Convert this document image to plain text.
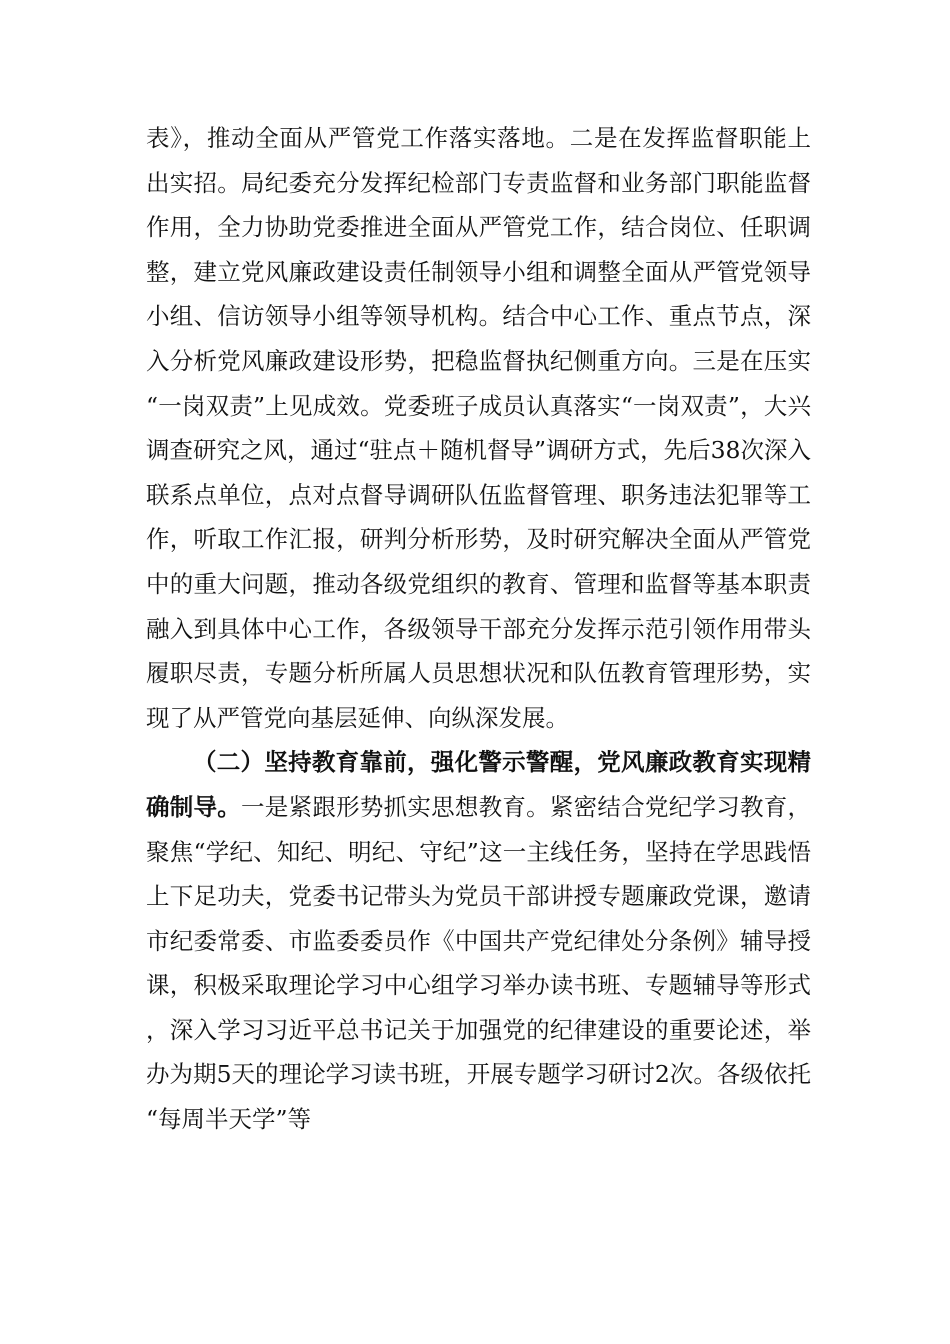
表》，推动全面从严管党工作落实落地。二是在发挥监督职能上出实招。局纪委充分发挥纪检部门专责监督和业务部门职能监督作用，全力协助党委推进全面从严管党工作，结合岗位、任职调整，建立党风廉政建设责任制领导小组和调整全面从严管党领导小组、信访领导小组等领导机构。结合中心工作、重点节点，深入分析党风廉政建设形势，把稳监督执纪侧重方向。三是在压实“一岗双责”上见成效。党委班子成员认真落实“一岗双责”，大兴调查研究之风，通过“驻点＋随机督导”调研方式，先后38次深入联系点单位，点对点督导调研队伍监督管理、职务违法犯罪等工作，听取工作汇报，研判分析形势，及时研究解决全面从严管党中的重大问题，推动各级党组织的教育、管理和监督等基本职责融入到具体中心工作，各级领导干部充分发挥示范引领作用带头履职尽责，专题分析所属人员思想状况和队伍教育管理形势，实现了从严管党向基层延伸、向纵深发展。

（二）坚持教育靠前，强化警示警醒，党风廉政教育实现精确制导。一是紧跟形势抓实思想教育。紧密结合党纪学习教育，聚焦“学纪、知纪、明纪、守纪”这一主线任务，坚持在学思践悟上下足功夫，党委书记带头为党员干部讲授专题廉政党课，邀请市纪委常委、市监委委员作《中国共产党纪律处分条例》辅导授课，积极采取理论学习中心组学习举办读书班、专题辅导等形式，深入学习习近平总书记关于加强党的纪律建设的重要论述，举办为期5天的理论学习读书班，开展专题学习研讨2次。各级依托“每周半天学”等
